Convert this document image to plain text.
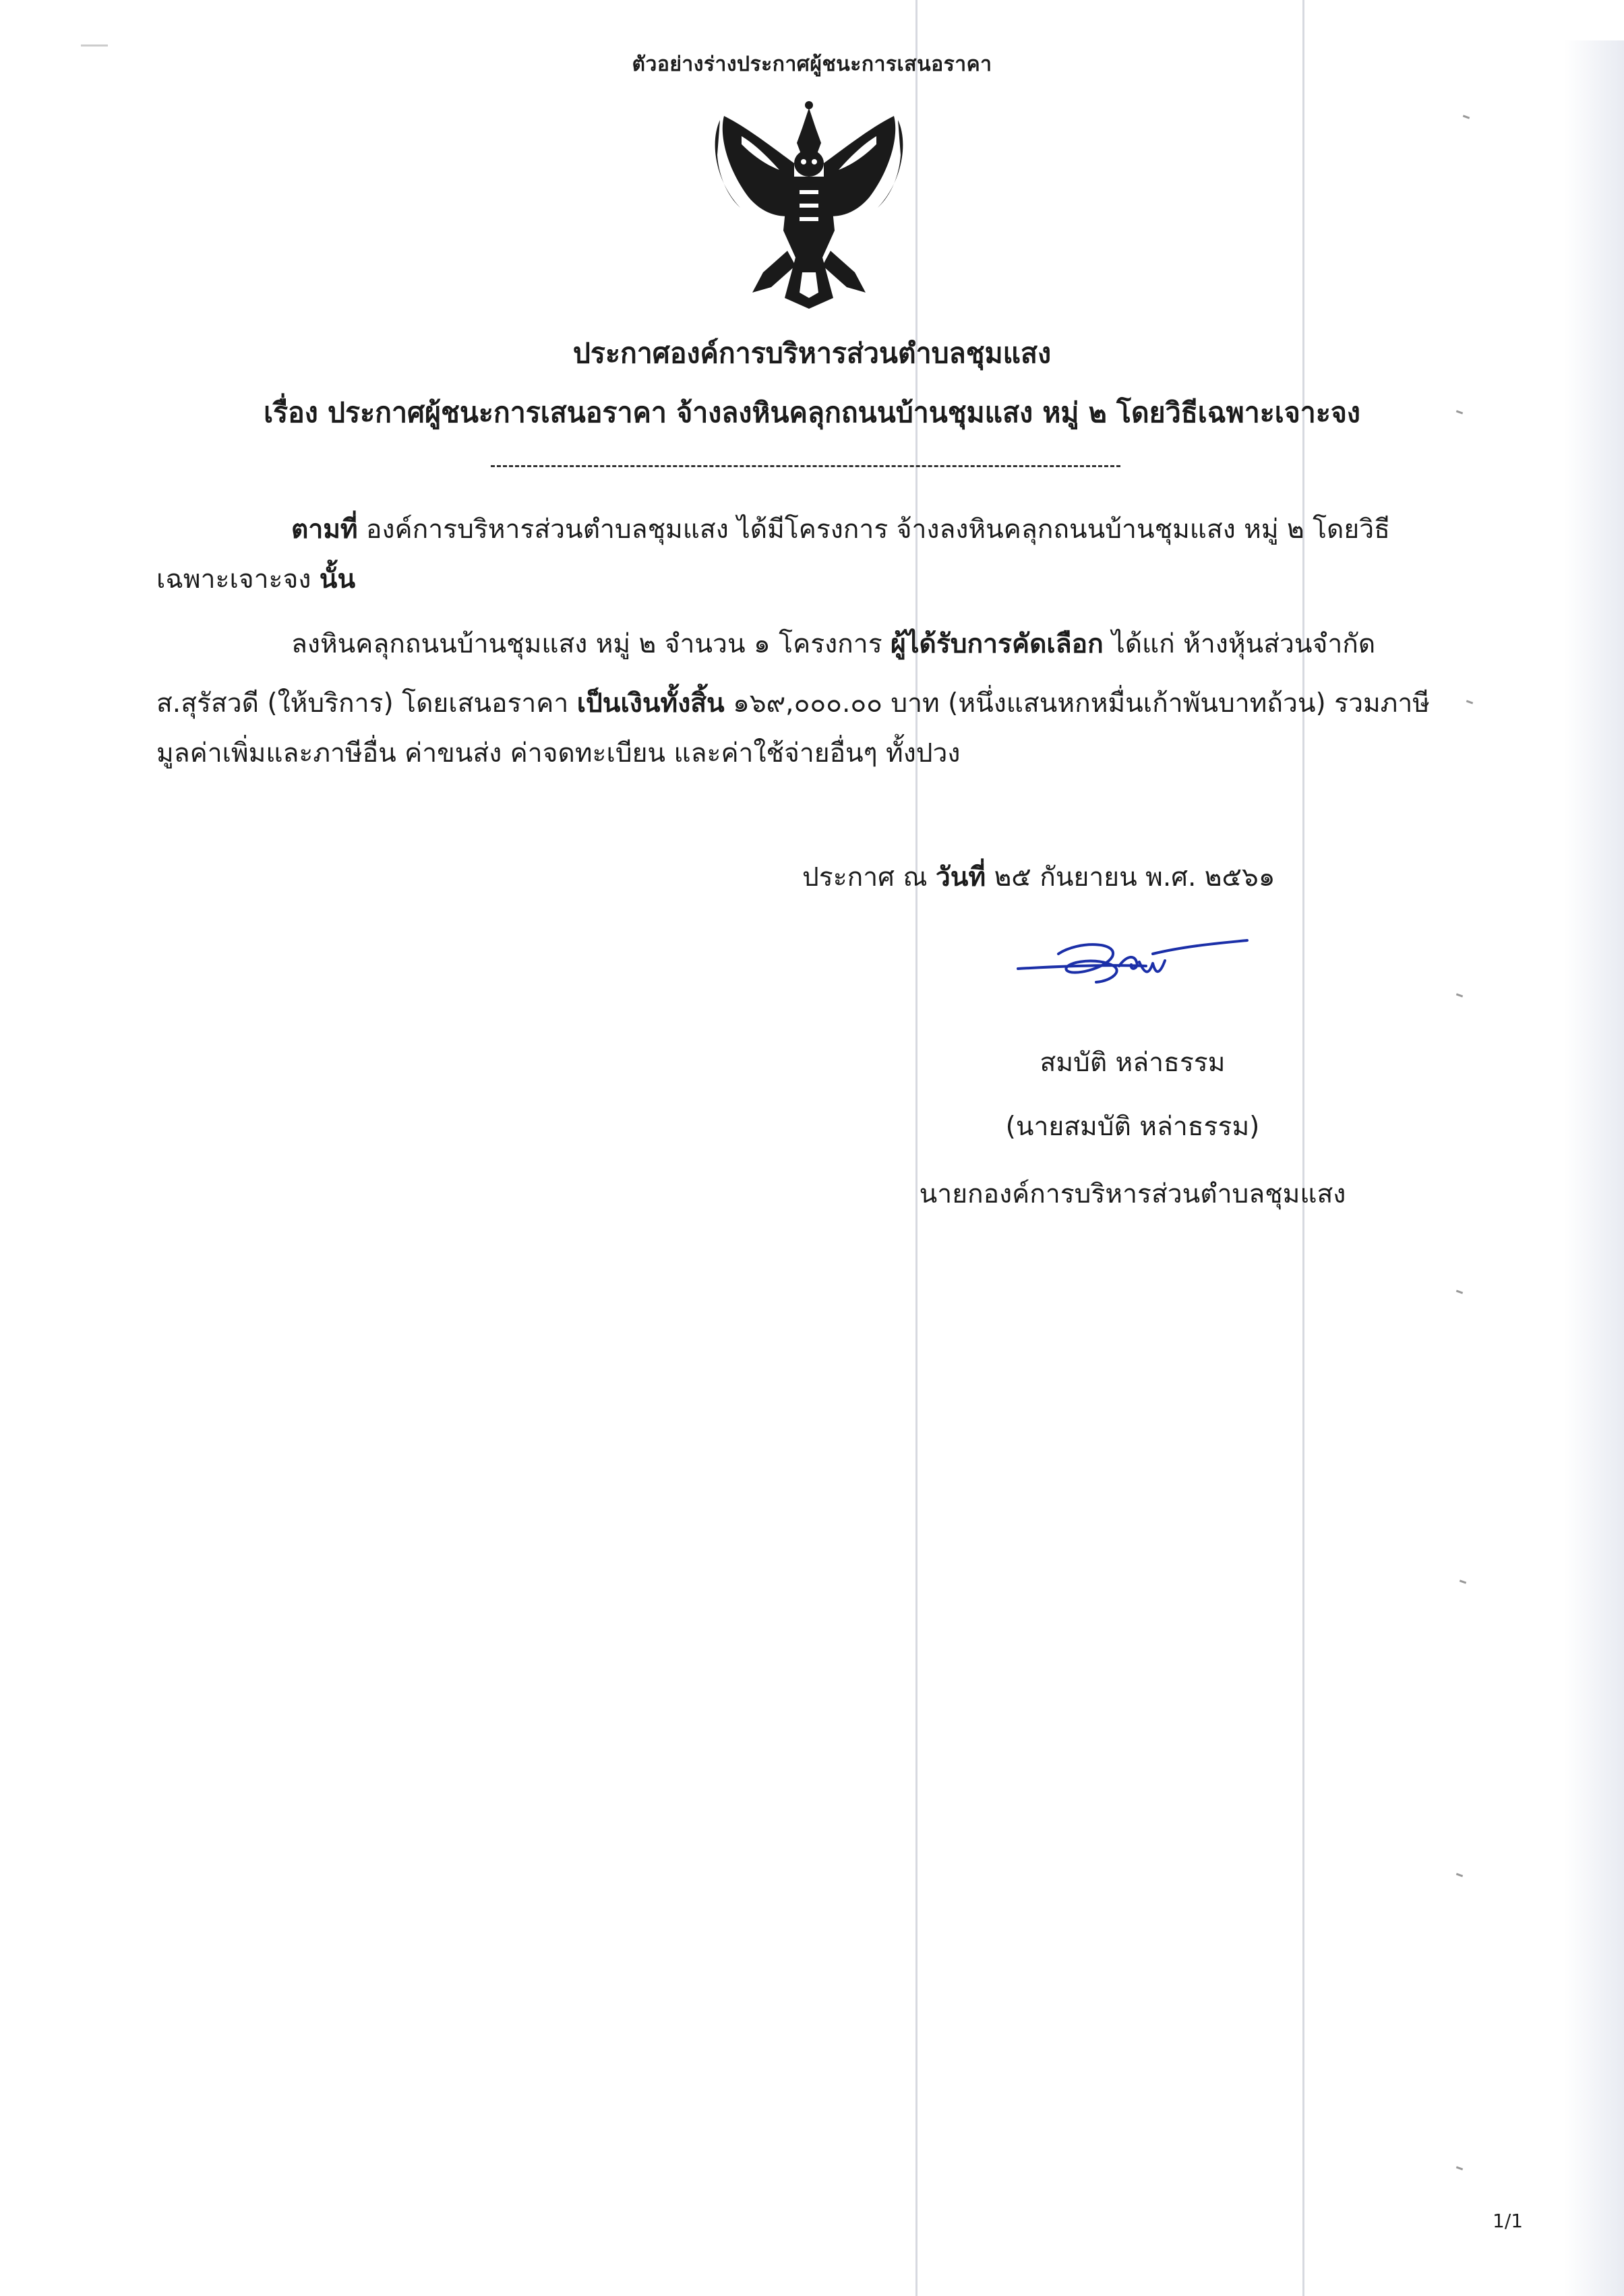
ตัวอย่างร่างประกาศผู้ชนะการเสนอราคา
ประกาศองค์การบริหารส่วนตำบลชุมแสง
เรื่อง ประกาศผู้ชนะการเสนอราคา จ้างลงหินคลุกถนนบ้านชุมแสง หมู่ ๒ โดยวิธีเฉพาะเจาะจง
ตามที่ องค์การบริหารส่วนตำบลชุมแสง ได้มีโครงการ จ้างลงหินคลุกถนนบ้านชุมแสง หมู่ ๒ โดยวิธี
เฉพาะเจาะจง นั้น
ลงหินคลุกถนนบ้านชุมแสง หมู่ ๒ จำนวน ๑ โครงการ ผู้ได้รับการคัดเลือก ได้แก่ ห้างหุ้นส่วนจำกัด
ส.สุรัสวดี (ให้บริการ) โดยเสนอราคา เป็นเงินทั้งสิ้น ๑๖๙,๐๐๐.๐๐ บาท (หนึ่งแสนหกหมื่นเก้าพันบาทถ้วน) รวมภาษี
มูลค่าเพิ่มและภาษีอื่น ค่าขนส่ง ค่าจดทะเบียน และค่าใช้จ่ายอื่นๆ ทั้งปวง
ประกาศ ณ วันที่ ๒๕ กันยายน พ.ศ. ๒๕๖๑
สมบัติ หล่าธรรม
(นายสมบัติ หล่าธรรม)
นายกองค์การบริหารส่วนตำบลชุมแสง
1/1
